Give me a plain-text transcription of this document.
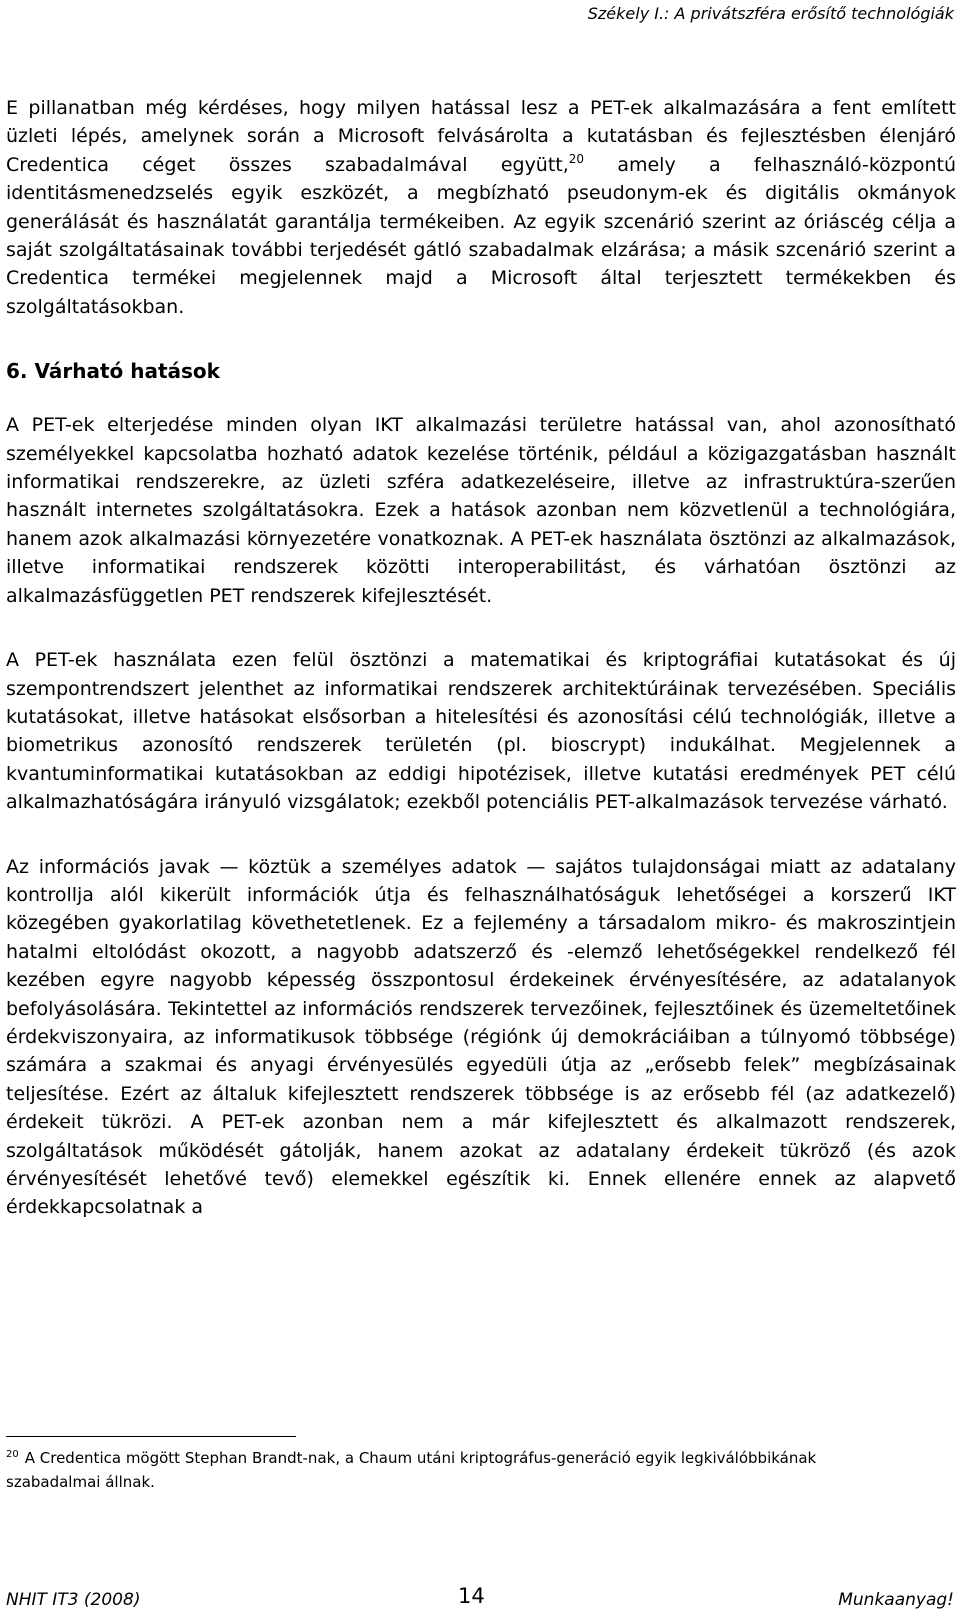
Székely I.: A privátszféra erősítő technológiák

E pillanatban még kérdéses, hogy milyen hatással lesz a PET-ek alkalmazására a fent említett üzleti lépés, amelynek során a Microsoft felvásárolta a kutatásban és fejlesztésben élenjáró Credentica céget összes szabadalmával együtt,$^{20}$ amely a felhasználó-központú identitásmenedzselés egyik eszközét, a megbízható pseudonym-ek és digitális okmányok generálását és használatát garantálja termékeiben. Az egyik szcenárió szerint az óriáscég célja a saját szolgáltatásainak további terjedését gátló szabadalmak elzárása; a másik szcenárió szerint a Credentica termékei megjelennek majd a Microsoft által terjesztett termékekben és szolgáltatásokban.

6. Várható hatások

A PET-ek elterjedése minden olyan IKT alkalmazási területre hatással van, ahol azonosítható személyekkel kapcsolatba hozható adatok kezelése történik, például a közigazgatásban használt informatikai rendszerekre, az üzleti szféra adatkezeléseire, illetve az infrastruktúra-szerűen használt internetes szolgáltatásokra. Ezek a hatások azonban nem közvetlenül a technológiára, hanem azok alkalmazási környezetére vonatkoznak. A PET-ek használata ösztönzi az alkalmazások, illetve informatikai rendszerek közötti interoperabilitást, és várhatóan ösztönzi az alkalmazásfüggetlen PET rendszerek kifejlesztését.

A PET-ek használata ezen felül ösztönzi a matematikai és kriptográfiai kutatásokat és új szempontrendszert jelenthet az informatikai rendszerek architektúráinak tervezésében. Speciális kutatásokat, illetve hatásokat elsősorban a hitelesítési és azonosítási célú technológiák, illetve a biometrikus azonosító rendszerek területén (pl. bioscrypt) indukálhat. Megjelennek a kvantuminformatikai kutatásokban az eddigi hipotézisek, illetve kutatási eredmények PET célú alkalmazhatóságára irányuló vizsgálatok; ezekből potenciális PET-alkalmazások tervezése várható.

Az információs javak — köztük a személyes adatok — sajátos tulajdonságai miatt az adatalany kontrollja alól kikerült információk útja és felhasználhatóságuk lehetőségei a korszerű IKT közegében gyakorlatilag követhetetlenek. Ez a fejlemény a társadalom mikro- és makroszintjein hatalmi eltolódást okozott, a nagyobb adatszerző és -elemző lehetőségekkel rendelkező fél kezében egyre nagyobb képesség összpontosul érdekeinek érvényesítésére, az adatalanyok befolyásolására. Tekintettel az információs rendszerek tervezőinek, fejlesztőinek és üzemeltetőinek érdekviszonyaira, az informatikusok többsége (régiónk új demokráciáiban a túlnyomó többsége) számára a szakmai és anyagi érvényesülés egyedüli útja az „erősebb felek” megbízásainak teljesítése. Ezért az általuk kifejlesztett rendszerek többsége is az erősebb fél (az adatkezelő) érdekeit tükrözi. A PET-ek azonban nem a már kifejlesztett és alkalmazott rendszerek, szolgáltatások működését gátolják, hanem azokat az adatalany érdekeit tükröző (és azok érvényesítését lehetővé tevő) elemekkel egészítik ki. Ennek ellenére ennek az alapvető érdekkapcsolatnak a

$^{20}$ A Credentica mögött Stephan Brandt-nak, a Chaum utáni kriptográfus-generáció egyik legkiválóbbikának szabadalmai állnak.
NHIT IT3 (2008)	14	Munkaanyag!
